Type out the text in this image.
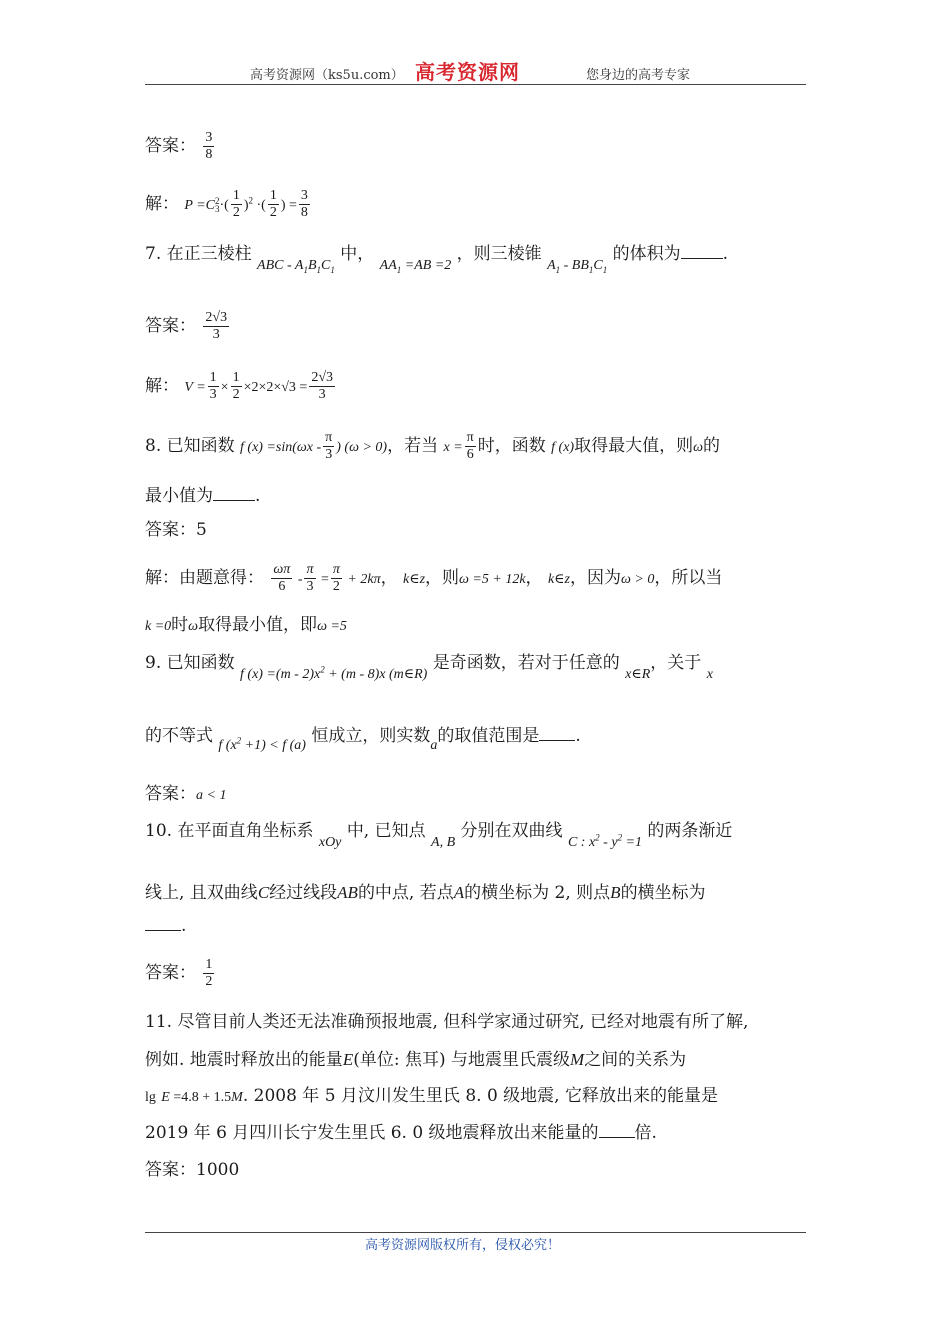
高考资源网（ks5u.com） 高考资源网	您身边的高考专家
答案： $\frac{3}{8}$
解： P =C 2
3 ·( $\frac{1}{2} )^2$ ·( $\frac{1}{2}$ ) = $\frac{3}{8}$
7. 在正三棱柱 $_{ABC - A_1B_1C_1}$ 中， $_{AA_1 =AB =2}$ ，则三棱锥 $_{A_1 - BB_1C_1}$ 的体积为 .
答案： $\frac{2√3}{3}$
解： $V = \frac{1}{3} \times \frac{1}{2} \times 2\times 2\times√3 = \frac{2√3}{3}$
8. 已知函数 f $(x) =\sin(\omega x - \frac{\pi}{3}$ ) (ω > 0)，若当 $x = \frac{\pi}{6}$ 时，函数 f (x)取得最大值，则ω的
最小值为 .
答案：5
解：由题意得： $\frac{\omega\pi}{6} - \frac{\pi}{3} = \frac{\pi}{2} + 2k\pi$， k∈z，则ω =5 + 12k， k∈z，因为ω > 0，所以当
k =0时ω取得最小值，即ω =5
9. 已知函数 $_{f (x) =(m - 2)x^2 + (m - 8)x (m\in R)}$ 是奇函数，若对于任意的 $_{x\in R}$，关于 $_x$
的不等式 $_{f (x^2 +1) < f (a)}$ 恒成立，则实数$_a$的取值范围是 .
答案：a < 1
10. 在平面直角坐标系 $_{xOy}$ 中, 已知点 $_{A, B}$ 分别在双曲线 $_{C : x^2 - y^2 =1}$ 的两条渐近
线上, 且双曲线C经过线段AB的中点, 若点A的横坐标为 2, 则点B的横坐标为
.
答案： $\frac{1}{2}$
11. 尽管目前人类还无法准确预报地震, 但科学家通过研究, 已经对地震有所了解,
例如. 地震时释放出的能量E(单位: 焦耳) 与地震里氏震级M之间的关系为
lg E =4.8 + 1.5M. 2008 年 5 月汶川发生里氏 8. 0 级地震, 它释放出来的能量是
2019 年 6 月四川长宁发生里氏 6. 0 级地震释放出来能量的 倍.
答案：1000
高考资源网版权所有，侵权必究！
